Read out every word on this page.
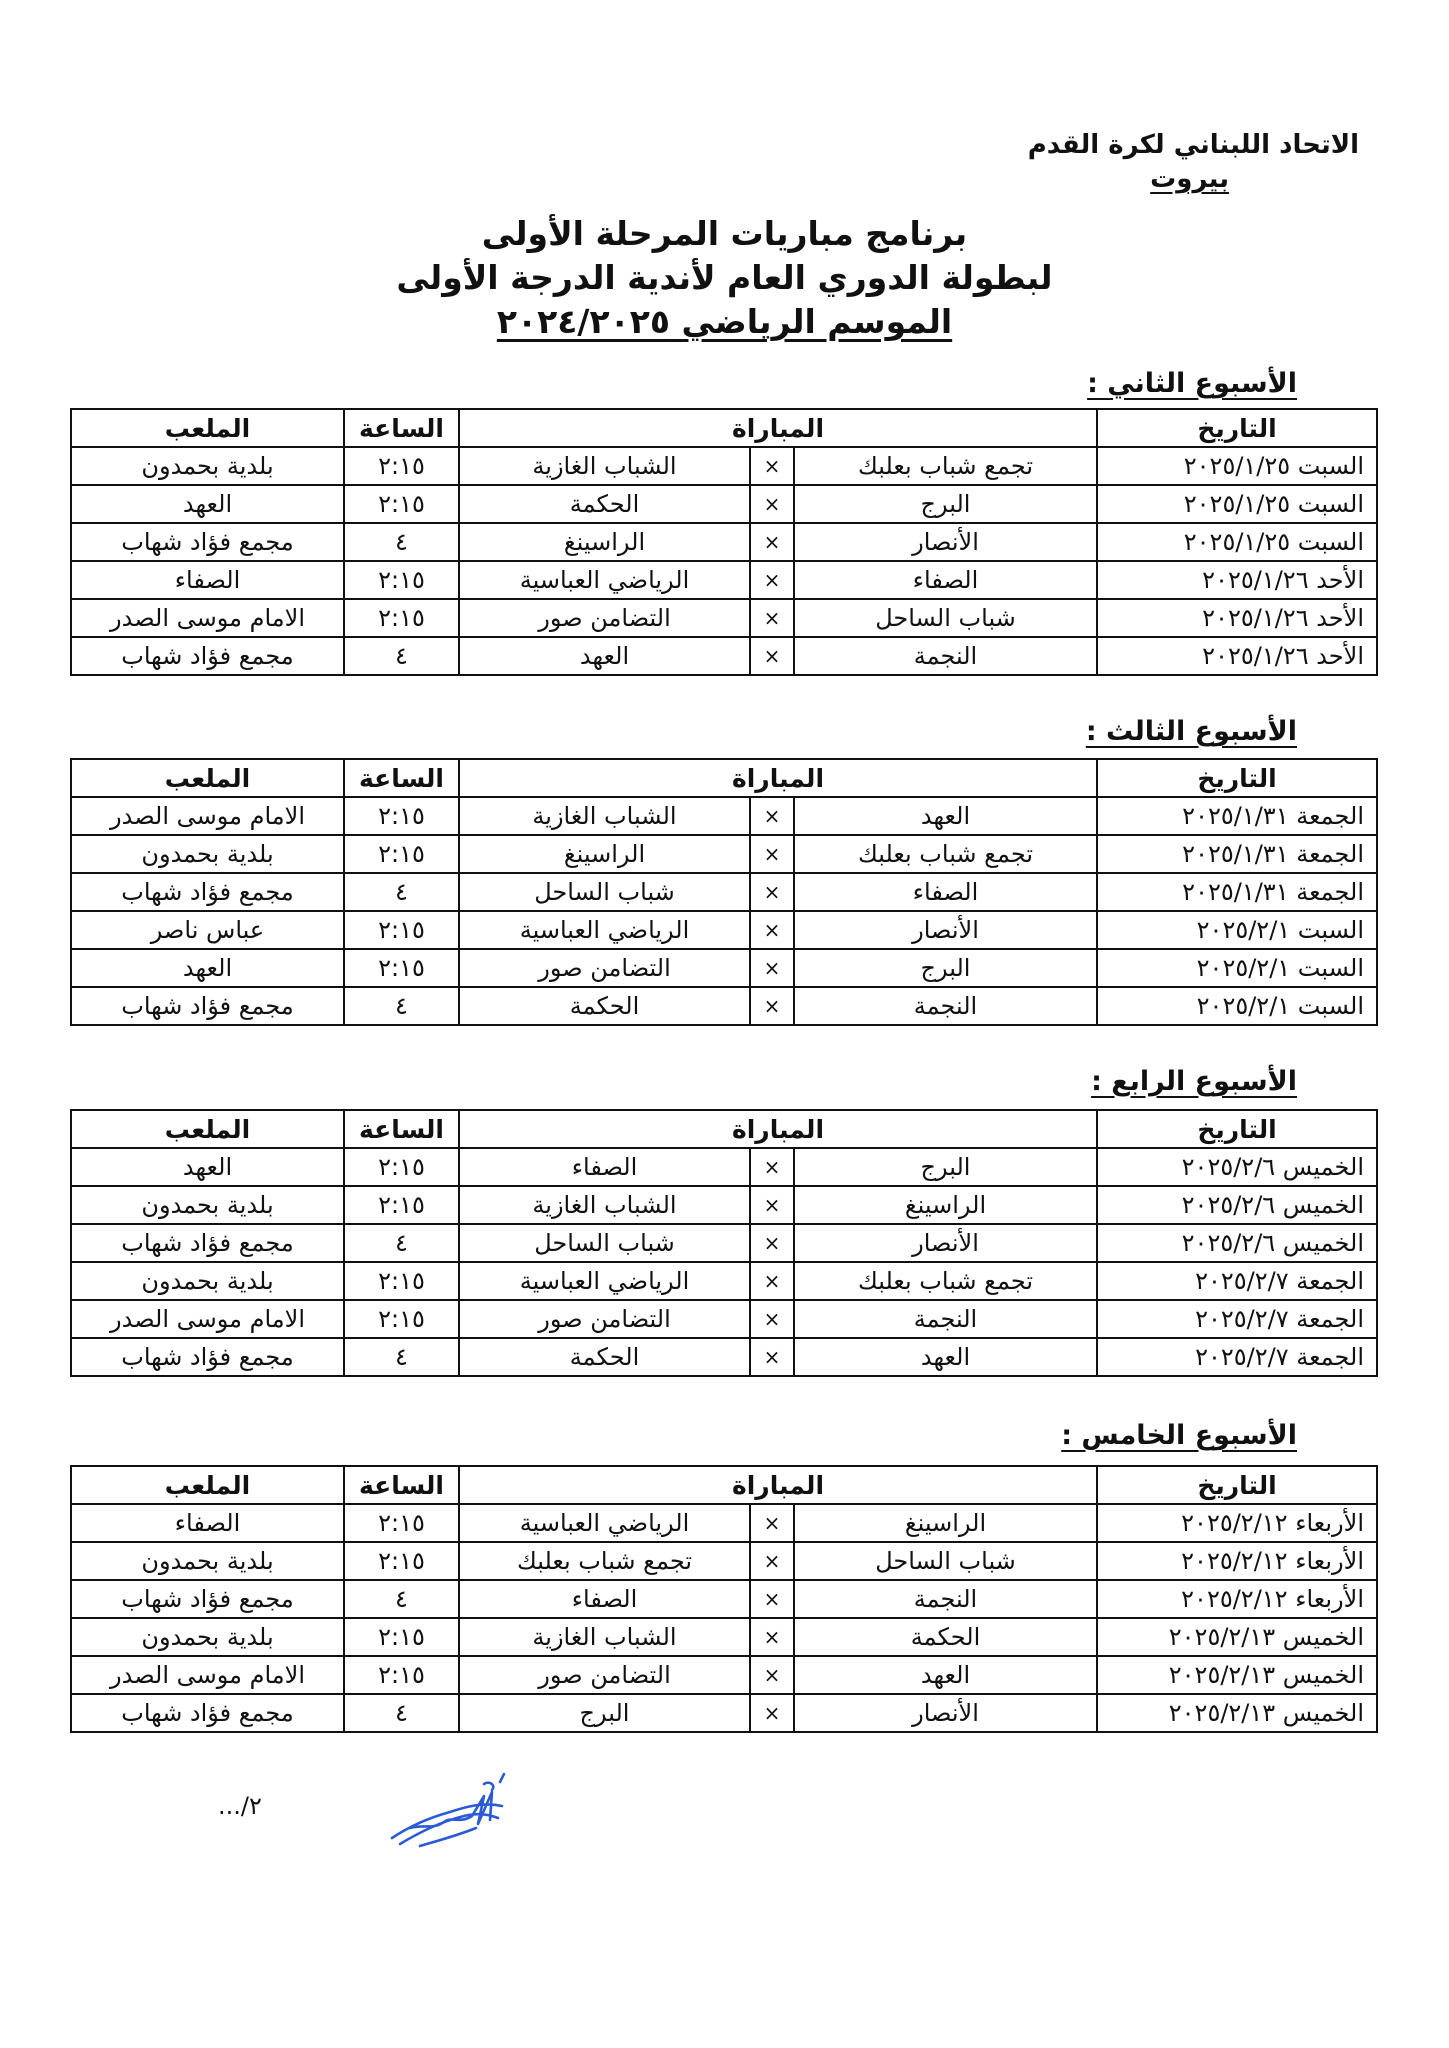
الاتحاد اللبناني لكرة القدم
بيروت
برنامج مباريات المرحلة الأولى
لبطولة الدوري العام لأندية الدرجة الأولى
الموسم الرياضي ٢٠٢٤/٢٠٢٥
الأسبوع الثاني :
التاريخ	المباراة			الساعة	الملعب
السبت ٢٠٢٥/١/٢٥	تجمع شباب بعلبك	×	الشباب الغازية	٢:١٥	بلدية بحمدون
السبت ٢٠٢٥/١/٢٥	البرج	×	الحكمة	٢:١٥	العهد
السبت ٢٠٢٥/١/٢٥	الأنصار	×	الراسينغ	٤	مجمع فؤاد شهاب
الأحد ٢٠٢٥/١/٢٦	الصفاء	×	الرياضي العباسية	٢:١٥	الصفاء
الأحد ٢٠٢٥/١/٢٦	شباب الساحل	×	التضامن صور	٢:١٥	الامام موسى الصدر
الأحد ٢٠٢٥/١/٢٦	النجمة	×	العهد	٤	مجمع فؤاد شهاب
الأسبوع الثالث :
التاريخ	المباراة			الساعة	الملعب
الجمعة ٢٠٢٥/١/٣١	العهد	×	الشباب الغازية	٢:١٥	الامام موسى الصدر
الجمعة ٢٠٢٥/١/٣١	تجمع شباب بعلبك	×	الراسينغ	٢:١٥	بلدية بحمدون
الجمعة ٢٠٢٥/١/٣١	الصفاء	×	شباب الساحل	٤	مجمع فؤاد شهاب
السبت ٢٠٢٥/٢/١	الأنصار	×	الرياضي العباسية	٢:١٥	عباس ناصر
السبت ٢٠٢٥/٢/١	البرج	×	التضامن صور	٢:١٥	العهد
السبت ٢٠٢٥/٢/١	النجمة	×	الحكمة	٤	مجمع فؤاد شهاب
الأسبوع الرابع :
التاريخ	المباراة			الساعة	الملعب
الخميس ٢٠٢٥/٢/٦	البرج	×	الصفاء	٢:١٥	العهد
الخميس ٢٠٢٥/٢/٦	الراسينغ	×	الشباب الغازية	٢:١٥	بلدية بحمدون
الخميس ٢٠٢٥/٢/٦	الأنصار	×	شباب الساحل	٤	مجمع فؤاد شهاب
الجمعة ٢٠٢٥/٢/٧	تجمع شباب بعلبك	×	الرياضي العباسية	٢:١٥	بلدية بحمدون
الجمعة ٢٠٢٥/٢/٧	النجمة	×	التضامن صور	٢:١٥	الامام موسى الصدر
الجمعة ٢٠٢٥/٢/٧	العهد	×	الحكمة	٤	مجمع فؤاد شهاب
الأسبوع الخامس :
التاريخ	المباراة			الساعة	الملعب
الأربعاء ٢٠٢٥/٢/١٢	الراسينغ	×	الرياضي العباسية	٢:١٥	الصفاء
الأربعاء ٢٠٢٥/٢/١٢	شباب الساحل	×	تجمع شباب بعلبك	٢:١٥	بلدية بحمدون
الأربعاء ٢٠٢٥/٢/١٢	النجمة	×	الصفاء	٤	مجمع فؤاد شهاب
الخميس ٢٠٢٥/٢/١٣	الحكمة	×	الشباب الغازية	٢:١٥	بلدية بحمدون
الخميس ٢٠٢٥/٢/١٣	العهد	×	التضامن صور	٢:١٥	الامام موسى الصدر
الخميس ٢٠٢٥/٢/١٣	الأنصار	×	البرج	٤	مجمع فؤاد شهاب
٢/...
